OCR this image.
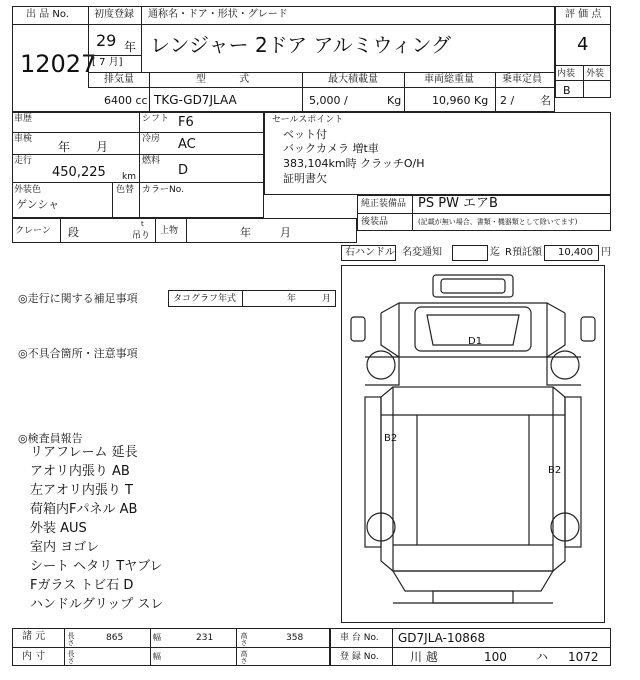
出 品 No.
12027
初度登録 通称名・ドア・形状・グレード
29 年
[ 7 月]
レンジャー 2ドア アルミウィング
評 価 点
4
内装 外装
B
排気量	型 式	最大積載量	車両総重量	乗車定員
6400 cc TKG-GD7JLAA	5,000 /	Kg	10,960 Kg 2 / 名
車歴	シフト F6
車検
年 月
冷房 AC
走行
450,225 km
燃料
D
外装色
ゲンシャ
色替 カラーNo.
セールスポイント
ベット付
バックカメラ 増t車
383,104km時 クラッチO/H
証明書欠
純正装備品 PS PW エアB
後装品	(記載が無い場合、書類・機器類として除いてます)
クレーン 段
t
吊り 上物	年	月
右ハンドル 名変通知	迄 R預託額 10,400 円
◎走行に関する補足事項	タコグラフ年式	年	月
◎不具合箇所・注意事項
◎検査員報告
リアフレーム 延長
アオリ内張り AB
左アオリ内張り T
荷箱内Fパネル AB
外装 AUS
室内 ヨゴレ
シート ヘタリ Tヤブレ
Fガラス トビ石 D
ハンドルグリップ スレ
D1
B2
B2
諸 元	長さ	865	幅	231	高さ	358
内 寸	長さ	幅	高さ
車 台 No. GD7JLA-10868
登 録 No.	川 越	100 ハ 1072
